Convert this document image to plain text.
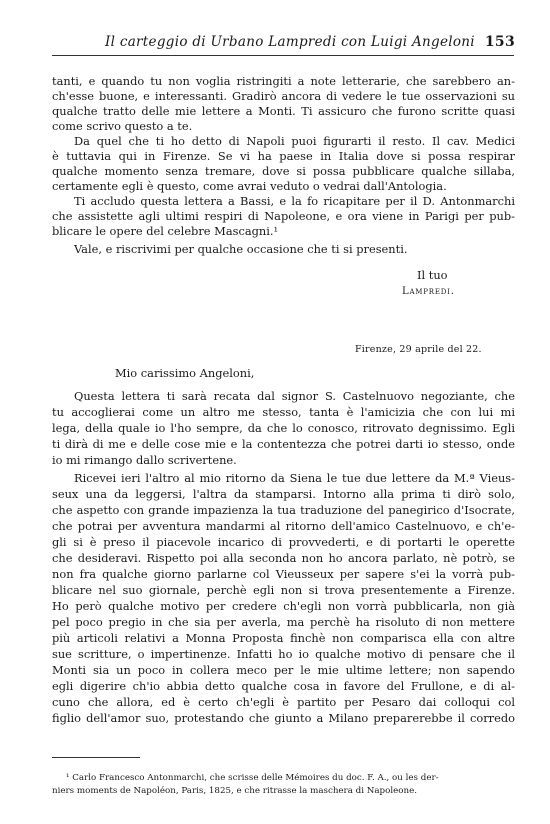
Il carteggio di Urbano Lampredi con Luigi Angeloni 153
tanti, e quando tu non voglia ristringiti a note letterarie, che sarebbero an-
ch'esse buone, e interessanti. Gradirò ancora di vedere le tue osservazioni su
qualche tratto delle mie lettere a Monti. Ti assicuro che furono scritte quasi
come scrivo questo a te.
Da quel che ti ho detto di Napoli puoi figurarti il resto. Il cav. Medici
è tuttavia qui in Firenze. Se vi ha paese in Italia dove si possa respirar
qualche momento senza tremare, dove si possa pubblicare qualche sillaba,
certamente egli è questo, come avrai veduto o vedrai dall'Antologia.
Ti accludo questa lettera a Bassi, e la fo ricapitare per il D. Antonmarchi
che assistette agli ultimi respiri di Napoleone, e ora viene in Parigi per pub-
blicare le opere del celebre Mascagni.¹
Vale, e riscrivimi per qualche occasione che ti si presenti.
Il tuo
Lampredi.
Firenze, 29 aprile del 22.
Mio carissimo Angeloni,
Questa lettera ti sarà recata dal signor S. Castelnuovo negoziante, che
tu accoglierai come un altro me stesso, tanta è l'amicizia che con lui mi
lega, della quale io l'ho sempre, da che lo conosco, ritrovato degnissimo. Egli
ti dirà di me e delle cose mie e la contentezza che potrei darti io stesso, onde
io mi rimango dallo scrivertene.
Ricevei ieri l'altro al mio ritorno da Siena le tue due lettere da M.ª Vieus-
seux una da leggersi, l'altra da stamparsi. Intorno alla prima ti dirò solo,
che aspetto con grande impazienza la tua traduzione del panegirico d'Isocrate,
che potrai per avventura mandarmi al ritorno dell'amico Castelnuovo, e ch'e-
gli si è preso il piacevole incarico di provvederti, e di portarti le operette
che desideravi. Rispetto poi alla seconda non ho ancora parlato, nè potrò, se
non fra qualche giorno parlarne col Vieusseux per sapere s'ei la vorrà pub-
blicare nel suo giornale, perchè egli non si trova presentemente a Firenze.
Ho però qualche motivo per credere ch'egli non vorrà pubblicarla, non già
pel poco pregio in che sia per averla, ma perchè ha risoluto di non mettere
più articoli relativi a Monna Proposta finchè non comparisca ella con altre
sue scritture, o impertinenze. Infatti ho io qualche motivo di pensare che il
Monti sia un poco in collera meco per le mie ultime lettere; non sapendo
egli digerire ch'io abbia detto qualche cosa in favore del Frullone, e di al-
cuno che allora, ed è certo ch'egli è partito per Pesaro dai colloqui col
figlio dell'amor suo, protestando che giunto a Milano preparerebbe il corredo
¹ Carlo Francesco Antonmarchi, che scrisse delle Mémoires du doc. F. A., ou les der-
niers moments de Napoléon, Paris, 1825, e che ritrasse la maschera di Napoleone.
